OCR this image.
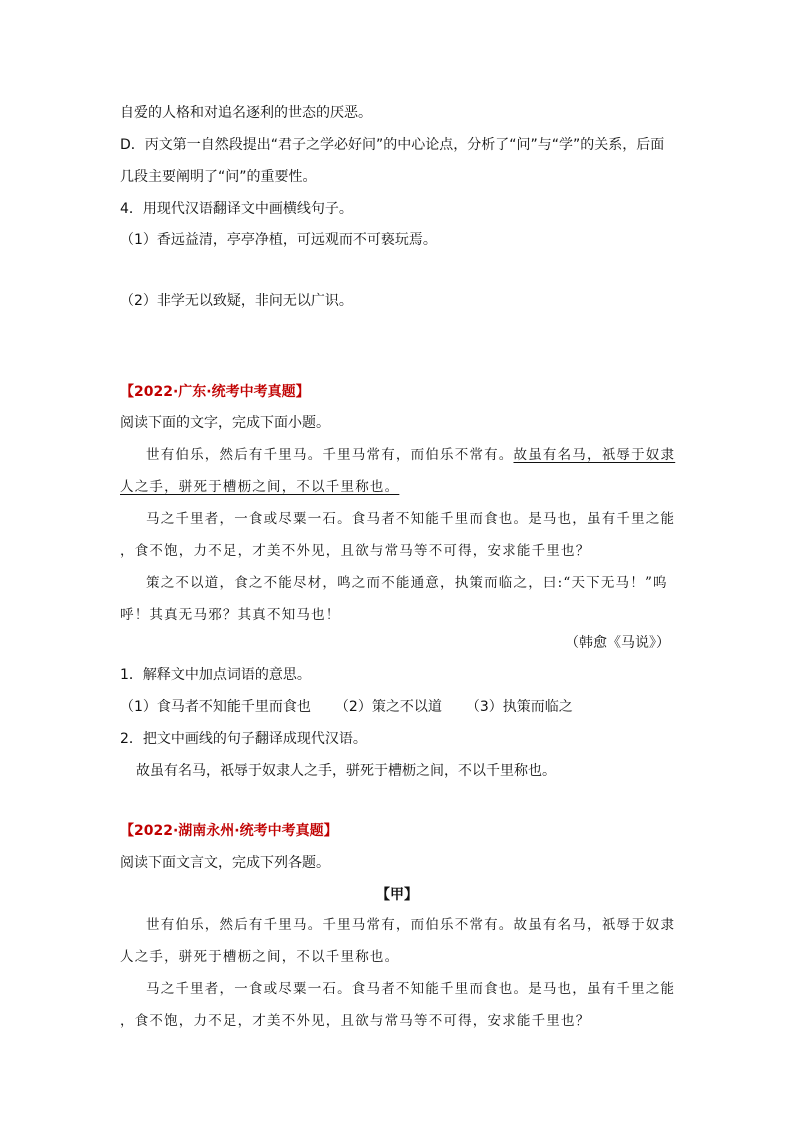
自爱的人格和对追名逐利的世态的厌恶。
D．丙文第一自然段提出“君子之学必好问”的中心论点，分析了“问”与“学”的关系，后面
几段主要阐明了“问”的重要性。
4．用现代汉语翻译文中画横线句子。
（1）香远益清，亭亭净植，可远观而不可亵玩焉。
（2）非学无以致疑，非问无以广识。
【2022·广东·统考中考真题】
阅读下面的文字，完成下面小题。
世有伯乐，然后有千里马。千里马常有，而伯乐不常有。故虽有名马，祇辱于奴隶
人之手，骈死于槽枥之间，不以千里称也。
马之千里者，一食或尽粟一石。食马者不知能千里而食也。是马也，虽有千里之能
，食不饱，力不足，才美不外见，且欲与常马等不可得，安求能千里也？
策之不以道，食之不能尽材，鸣之而不能通意，执策而临之，曰:“天下无马！”呜
呼！其真无马邪？其真不知马也！
（韩愈《马说》）
1．解释文中加点词语的意思。
（1）食马者不知能千里而食也 （2）策之不以道 （3）执策而临之
2．把文中画线的句子翻译成现代汉语。
故虽有名马，祇辱于奴隶人之手，骈死于槽枥之间，不以千里称也。
【2022·湖南永州·统考中考真题】
阅读下面文言文，完成下列各题。
【甲】
世有伯乐，然后有千里马。千里马常有，而伯乐不常有。故虽有名马，祇辱于奴隶
人之手，骈死于槽枥之间，不以千里称也。
马之千里者，一食或尽粟一石。食马者不知能千里而食也。是马也，虽有千里之能
，食不饱，力不足，才美不外见，且欲与常马等不可得，安求能千里也？
